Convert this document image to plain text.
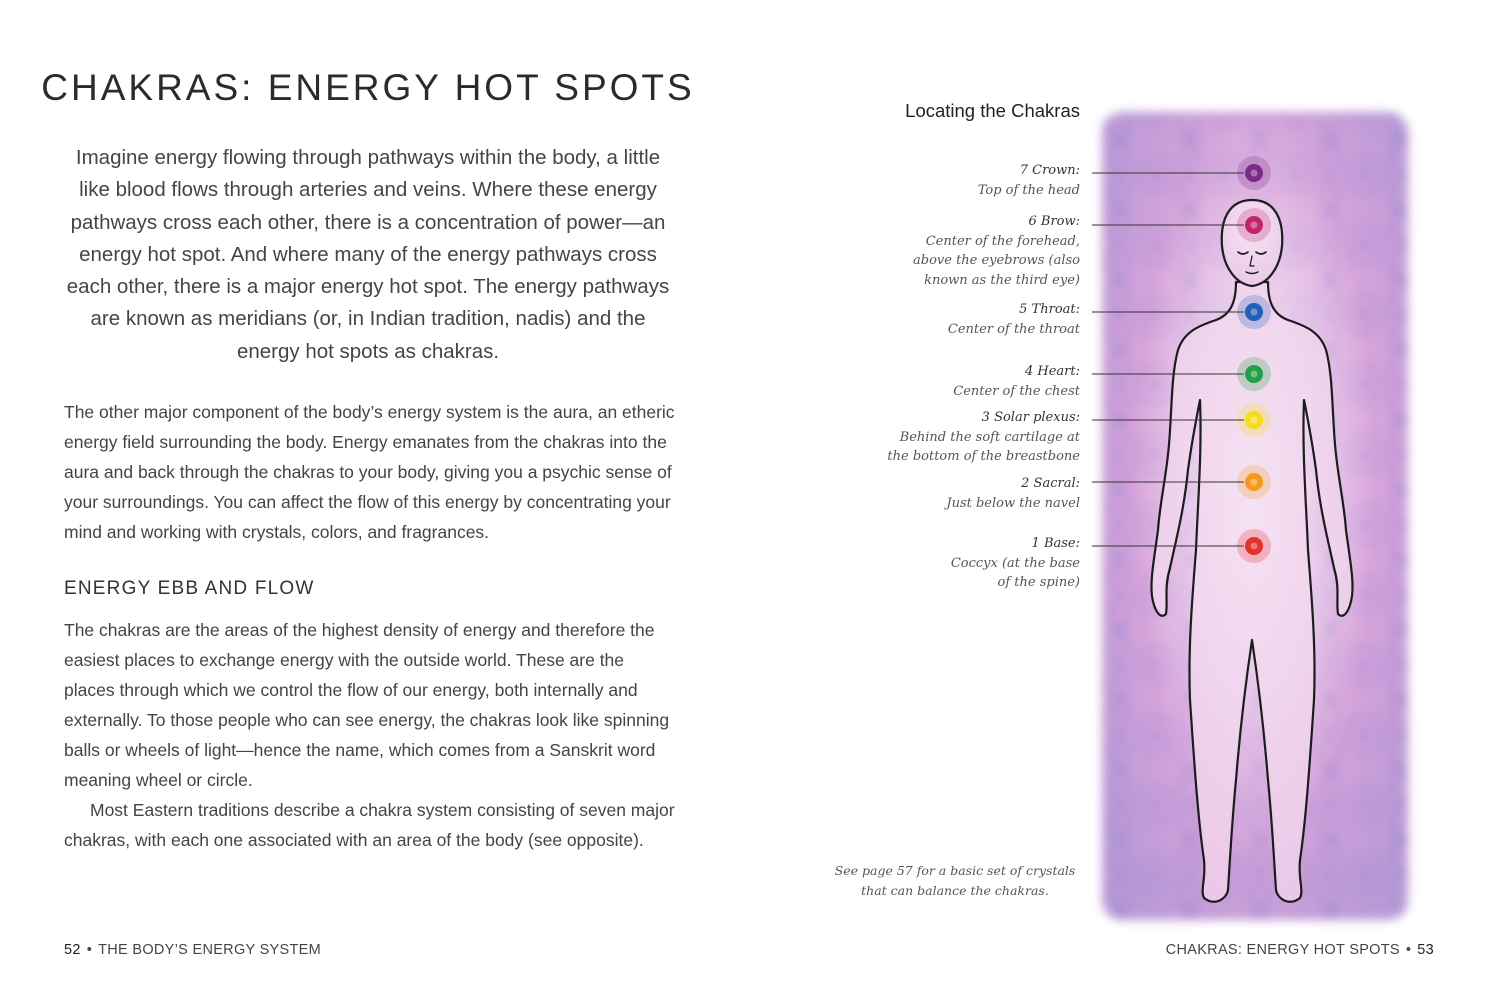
CHAKRAS: ENERGY HOT SPOTS

Imagine energy flowing through pathways within the body, a little like blood flows through arteries and veins. Where these energy pathways cross each other, there is a concentration of power—an energy hot spot. And where many of the energy pathways cross each other, there is a major energy hot spot. The energy pathways are known as meridians (or, in Indian tradition, nadis) and the energy hot spots as chakras.

The other major component of the body’s energy system is the aura, an etheric energy field surrounding the body. Energy emanates from the chakras into the aura and back through the chakras to your body, giving you a psychic sense of your surroundings. You can affect the flow of this energy by concentrating your mind and working with crystals, colors, and fragrances.

ENERGY EBB AND FLOW

The chakras are the areas of the highest density of energy and therefore the easiest places to exchange energy with the outside world. These are the places through which we control the flow of our energy, both internally and externally. To those people who can see energy, the chakras look like spinning balls or wheels of light—hence the name, which comes from a Sanskrit word meaning wheel or circle.

Most Eastern traditions describe a chakra system consisting of seven major chakras, with each one associated with an area of the body (see opposite).

52 • THE BODY’S ENERGY SYSTEM	CHAKRAS: ENERGY HOT SPOTS • 53
Locating the Chakras
7 Crown:
Top of the head
6 Brow:
Center of the forehead,
above the eyebrows (also
known as the third eye)
5 Throat:
Center of the throat
4 Heart:
Center of the chest
3 Solar plexus:
Behind the soft cartilage at
the bottom of the breastbone
2 Sacral:
Just below the navel
1 Base:
Coccyx (at the base
of the spine)
See page 57 for a basic set of crystals
that can balance the chakras.
